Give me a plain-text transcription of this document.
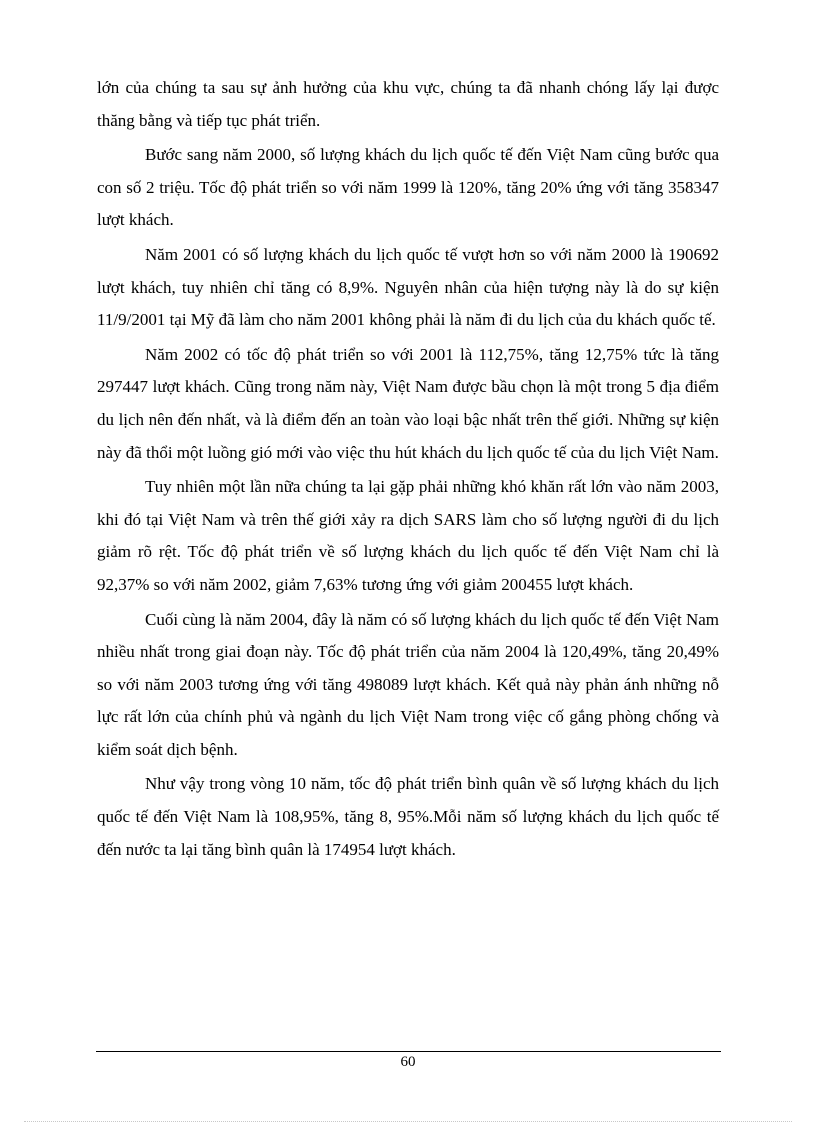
lớn của chúng ta sau sự ảnh hưởng của khu vực, chúng ta đã nhanh chóng lấy lại được thăng bằng và tiếp tục phát triển.

Bước sang năm 2000, số lượng khách du lịch quốc tế đến Việt Nam cũng bước qua con số 2 triệu. Tốc độ phát triển so với năm 1999 là 120%, tăng 20% ứng với tăng 358347 lượt khách.

Năm 2001 có số lượng khách du lịch quốc tế vượt hơn so với năm 2000 là 190692 lượt khách, tuy nhiên chỉ tăng có 8,9%. Nguyên nhân của hiện tượng này là do sự kiện 11/9/2001 tại Mỹ đã làm cho năm 2001 không phải là năm đi du lịch của du khách quốc tế.

Năm 2002 có tốc độ phát triển so với 2001 là 112,75%, tăng 12,75% tức là tăng 297447 lượt khách. Cũng trong năm này, Việt Nam được bầu chọn là một trong 5 địa điểm du lịch nên đến nhất, và là điểm đến an toàn vào loại bậc nhất trên thế giới. Những sự kiện này đã thổi một luồng gió mới vào việc thu hút khách du lịch quốc tế của du lịch Việt Nam.

Tuy nhiên một lần nữa chúng ta lại gặp phải những khó khăn rất lớn vào năm 2003, khi đó tại Việt Nam và trên thế giới xảy ra dịch SARS làm cho số lượng người đi du lịch giảm rõ rệt. Tốc độ phát triển về số lượng khách du lịch quốc tế đến Việt Nam chỉ là 92,37% so với năm 2002, giảm 7,63% tương ứng với giảm 200455 lượt khách.

Cuối cùng là năm 2004, đây là năm có số lượng khách du lịch quốc tế đến Việt Nam nhiều nhất trong giai đoạn này. Tốc độ phát triển của năm 2004 là 120,49%, tăng 20,49% so với năm 2003 tương ứng với tăng 498089 lượt khách. Kết quả này phản ánh những nỗ lực rất lớn của chính phủ và ngành du lịch Việt Nam trong việc cố gắng phòng chống và kiểm soát dịch bệnh.

Như vậy trong vòng 10 năm, tốc độ phát triển bình quân về số lượng khách du lịch quốc tế đến Việt Nam là 108,95%, tăng 8, 95%.Mỗi năm số lượng khách du lịch quốc tế đến nước ta lại tăng bình quân là 174954 lượt khách.

60
